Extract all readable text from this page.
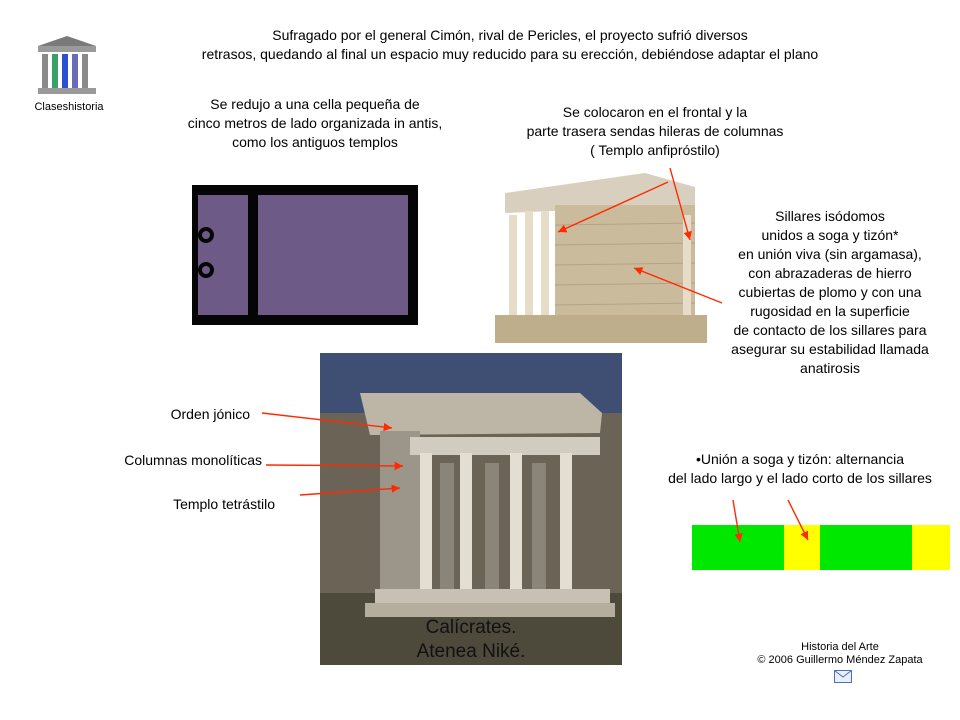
Claseshistoria
Sufragado por el general Cimón, rival de Pericles, el proyecto sufrió diversos
retrasos, quedando al final un espacio muy reducido para su erección, debiéndose adaptar el plano
Se redujo a una cella pequeña de
cinco metros de lado organizada in antis,
como los antiguos templos
Se colocaron en el frontal y la
parte trasera sendas hileras de columnas
( Templo anfipróstilo)
Sillares isódomos
unidos a soga y tizón*
en unión viva (sin argamasa),
con abrazaderas de hierro
cubiertas de plomo y con una
rugosidad en la superficie
de contacto de los sillares para
asegurar su estabilidad llamada
anatirosis
Calícrates.
Atenea Niké.
Orden jónico
Columnas monolíticas
Templo tetrástilo
•Unión a soga y tizón: alternancia
del lado largo y el lado corto de los sillares
Historia del Arte
© 2006 Guillermo Méndez Zapata
